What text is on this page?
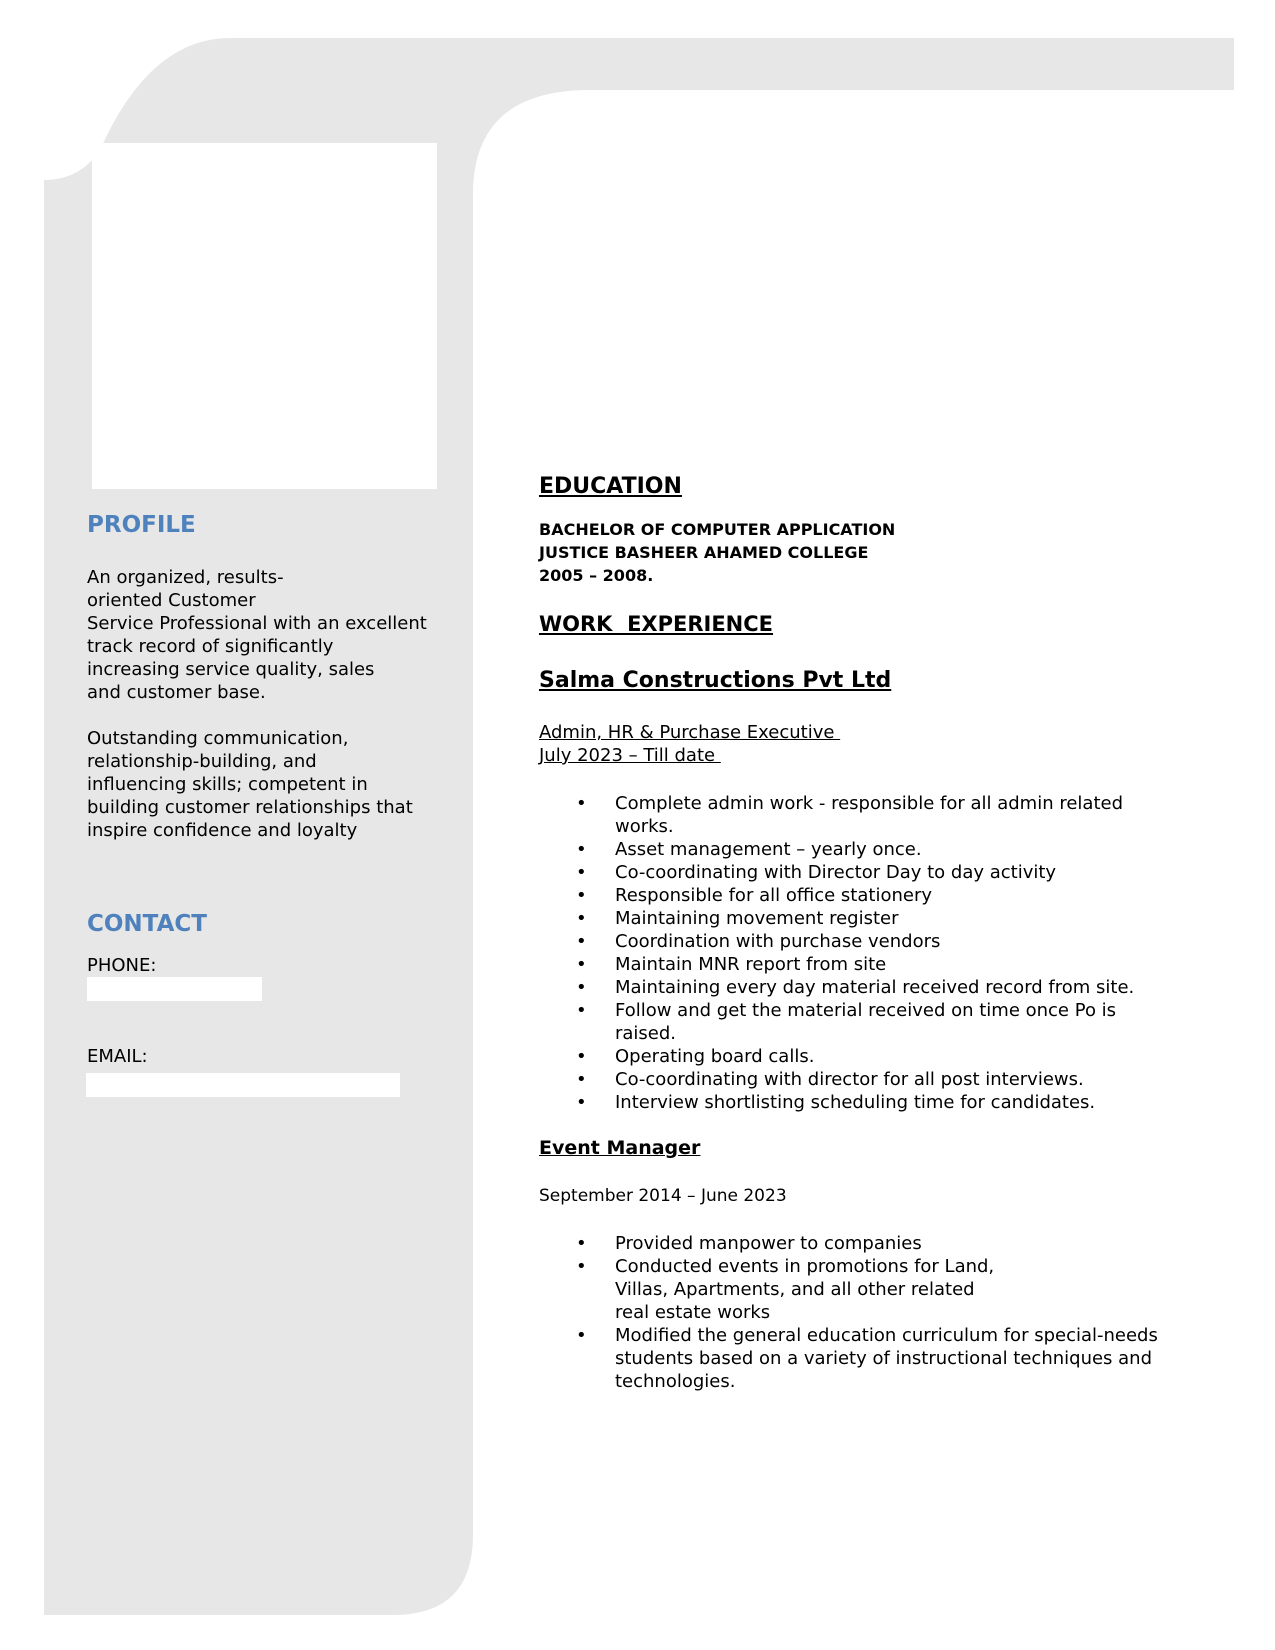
PROFILE

An organized, results-

oriented Customer

Service Professional with an excellent

track record of significantly

increasing service quality, sales

and customer base.

Outstanding communication,

relationship-building, and

influencing skills; competent in

building customer relationships that

inspire confidence and loyalty

CONTACT
PHONE:
EMAIL:
EDUCATION
BACHELOR OF COMPUTER APPLICATION
JUSTICE BASHEER AHAMED COLLEGE
2005 – 2008.
WORK  EXPERIENCE
Salma Constructions Pvt Ltd
Admin, HR & Purchase Executive
July 2023 – Till date
• Complete admin work - responsible for all admin related works.
• Asset management – yearly once.
• Co-coordinating with Director Day to day activity
• Responsible for all office stationery
• Maintaining movement register
• Coordination with purchase vendors
• Maintain MNR report from site
• Maintaining every day material received record from site.
• Follow and get the material received on time once Po is raised.
• Operating board calls.
• Co-coordinating with director for all post interviews.
• Interview shortlisting scheduling time for candidates.
Event Manager
September 2014 – June 2023
• Provided manpower to companies
• Conducted events in promotions for Land, Villas, Apartments, and all other related real estate works
• Modified the general education curriculum for special-needs students based on a variety of instructional techniques and technologies.
